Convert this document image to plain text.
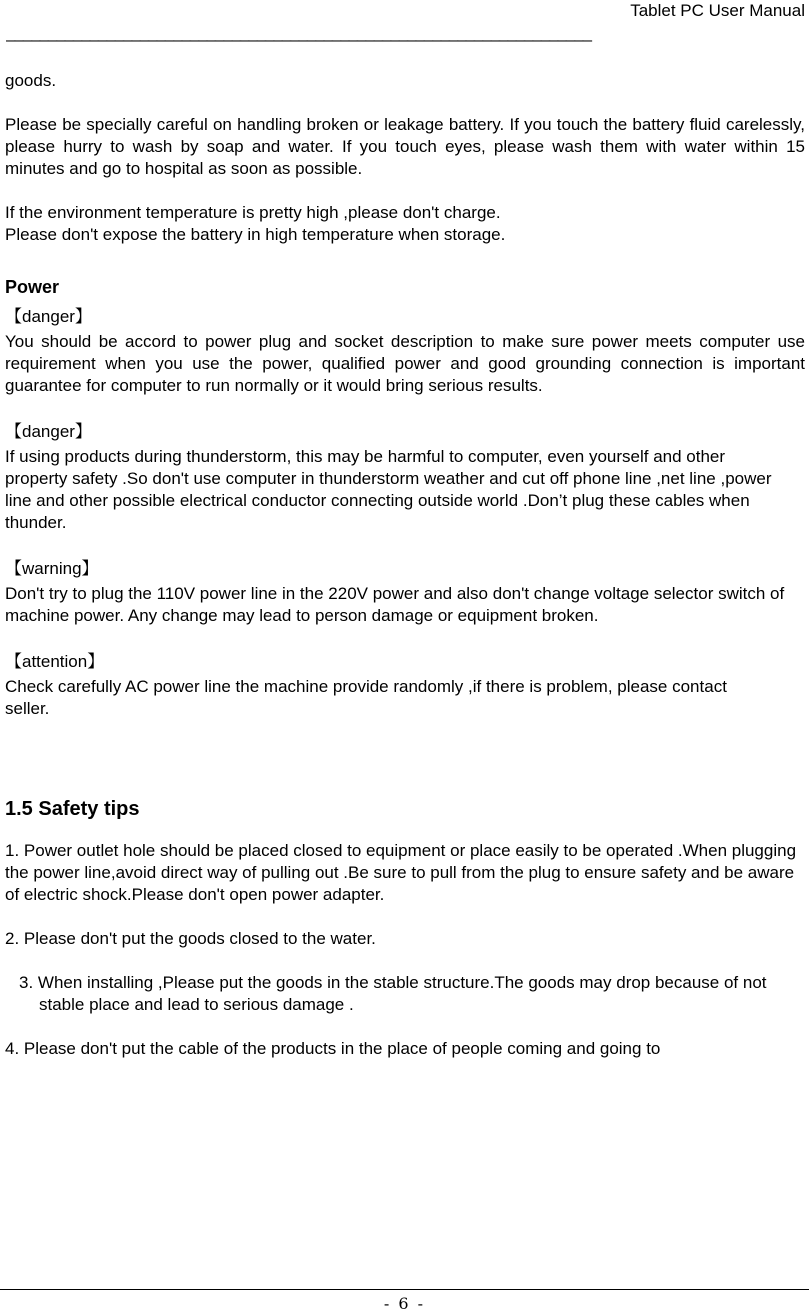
Tablet PC User Manual
______________________________________________________________________

goods.

Please be specially careful on handling broken or leakage battery. If you touch the battery fluid carelessly, please hurry to wash by soap and water. If you touch eyes, please wash them with water within 15 minutes and go to hospital as soon as possible.

If the environment temperature is pretty high ,please don't charge.

Please don't expose the battery in high temperature when storage.

Power

【danger】

You should be accord to power plug and socket description to make sure power meets computer use requirement when you use the power, qualified power and good grounding connection is important guarantee for computer to run normally or it would bring serious results.

【danger】

If using products during thunderstorm, this may be harmful to computer, even yourself and other property safety .So don't use computer in thunderstorm weather and cut off phone line ,net line ,power line and other possible electrical conductor connecting outside world .Don’t plug these cables when thunder.

【warning】

Don't try to plug the 110V power line in the 220V power and also don't change voltage selector switch of machine power. Any change may lead to person damage or equipment broken.

【attention】

Check carefully AC power line the machine provide randomly ,if there is problem, please contact seller.

1.5 Safety tips

1. Power outlet hole should be placed closed to equipment or place easily to be operated .When plugging the power line,avoid direct way of pulling out .Be sure to pull from the plug to ensure safety and be aware of electric shock.Please don't open power adapter.

2. Please don't put the goods closed to the water.

3. When installing ,Please put the goods in the stable structure.The goods may drop because of not stable place and lead to serious damage .

4. Please don't put the cable of the products in the place of people coming and going to

- 6 -
